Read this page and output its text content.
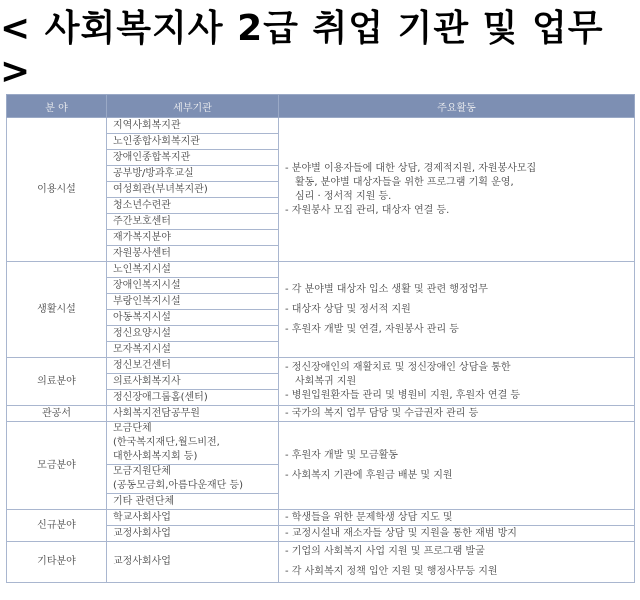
< 사회복지사 2급 취업 기관 및 업무 >
분 야	세부기관	주요활동
이용시설	지역사회복지관	- 분야별 이용자들에 대한 상담, 경제적지원, 자원봉사모집
활동, 분야별 대상자들을 위한 프로그램 기획 운영,
심리 · 정서적 지원 등.
- 자원봉사 모집 관리, 대상자 연결 등.

	노인종합사회복지관	
	장애인종합복지관	
	공부방/방과후교실	
	여성회관(부녀복지관)	
	청소년수련관	
	주간보호센터	
	재가복지분야	
	자원봉사센터	
생활시설	노인복지시설	- 각 분야별 대상자 입소 생활 및 관련 행정업무
- 대상자 상담 및 정서적 지원
- 후원자 개발 및 연결, 자원봉사 관리 등

	장애인복지시설	
	부랑인복지시설	
	아동복지시설	
	정신요양시설	
	모자복지시설	
의료분야	정신보건센터	- 정신장애인의 재활치료 및 정신장애인 상담을 통한
사회복귀 지원
- 병원입원환자들 관리 및 병원비 지원, 후원자 연결 등

	의료사회복지사	
	정신장애그룹홈(센터)	
관공서	사회복지전담공무원	- 국가의 복지 업무 담당 및 수급권자 관리 등
모금분야	모금단체
(한국복지재단,월드비전,
대한사회복지회 등)	- 후원자 개발 및 모금활동
- 사회복지 기관에 후원금 배분 및 지원

	모금지원단체
(공동모금회,아름다운재단 등)	

	기타 관련단체	
신규분야	학교사회사업	- 학생들을 위한 문제학생 상담 지도 및
	교정사회사업	- 교정시설내 재소자들 상담 및 지원을 통한 재범 방지
기타분야	교정사회사업	- 기업의 사회복지 사업 지원 및 프로그램 발굴
- 각 사회복지 정책 입안 지원 및 행정사무등 지원
